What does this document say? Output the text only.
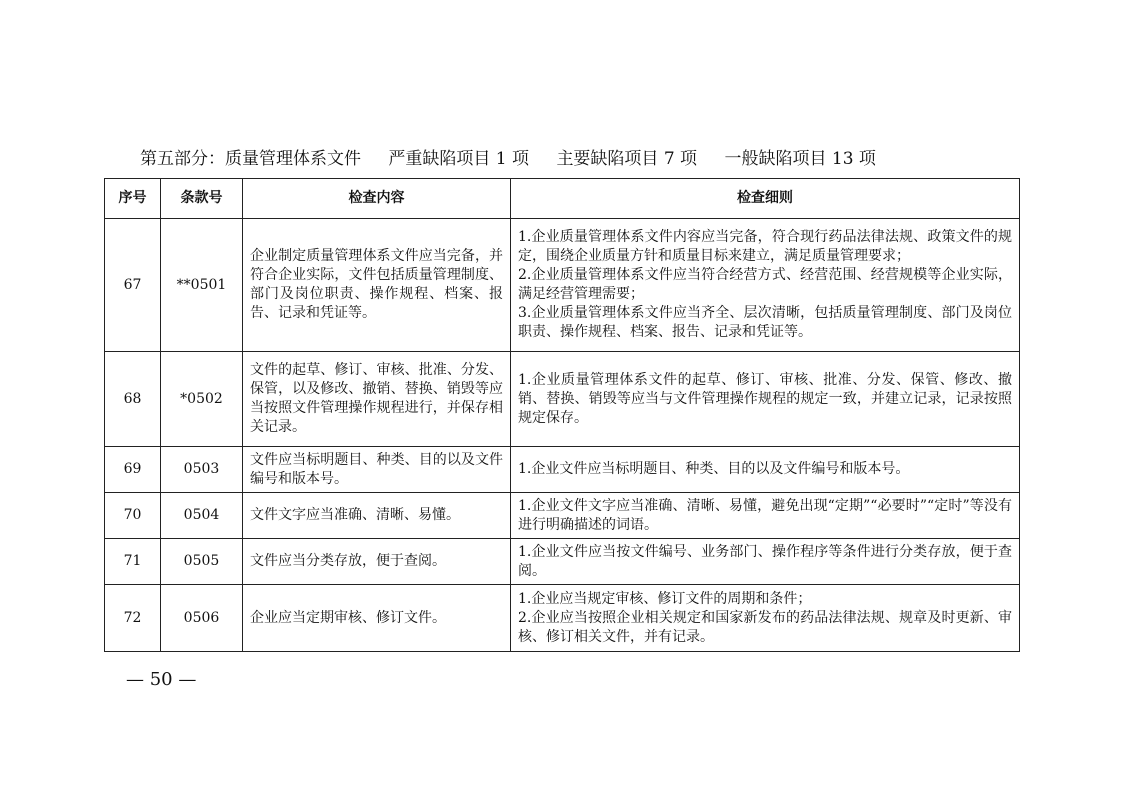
第五部分：质量管理体系文件 严重缺陷项目 1 项 主要缺陷项目 7 项 一般缺陷项目 13 项
序号	条款号	检查内容	检查细则
67	**0501	企业制定质量管理体系文件应当完备，并符合企业实际，文件包括质量管理制度、部门及岗位职责、操作规程、档案、报告、记录和凭证等。	1.企业质量管理体系文件内容应当完备，符合现行药品法律法规、政策文件的规定，围绕企业质量方针和质量目标来建立，满足质量管理要求；
2.企业质量管理体系文件应当符合经营方式、经营范围、经营规模等企业实际，满足经营管理需要；
3.企业质量管理体系文件应当齐全、层次清晰，包括质量管理制度、部门及岗位职责、操作规程、档案、报告、记录和凭证等。

68	*0502	文件的起草、修订、审核、批准、分发、保管，以及修改、撤销、替换、销毁等应当按照文件管理操作规程进行，并保存相关记录。	1.企业质量管理体系文件的起草、修订、审核、批准、分发、保管、修改、撤销、替换、销毁等应当与文件管理操作规程的规定一致，并建立记录，记录按照规定保存。

69	0503	文件应当标明题目、种类、目的以及文件编号和版本号。	1.企业文件应当标明题目、种类、目的以及文件编号和版本号。

70	0504	文件文字应当准确、清晰、易懂。	1.企业文件文字应当准确、清晰、易懂，避免出现“定期”“必要时”“定时”等没有进行明确描述的词语。

71	0505	文件应当分类存放，便于查阅。	1.企业文件应当按文件编号、业务部门、操作程序等条件进行分类存放，便于查阅。

72	0506	企业应当定期审核、修订文件。	1.企业应当规定审核、修订文件的周期和条件；
2.企业应当按照企业相关规定和国家新发布的药品法律法规、规章及时更新、审核、修订相关文件，并有记录。
— 50 —
